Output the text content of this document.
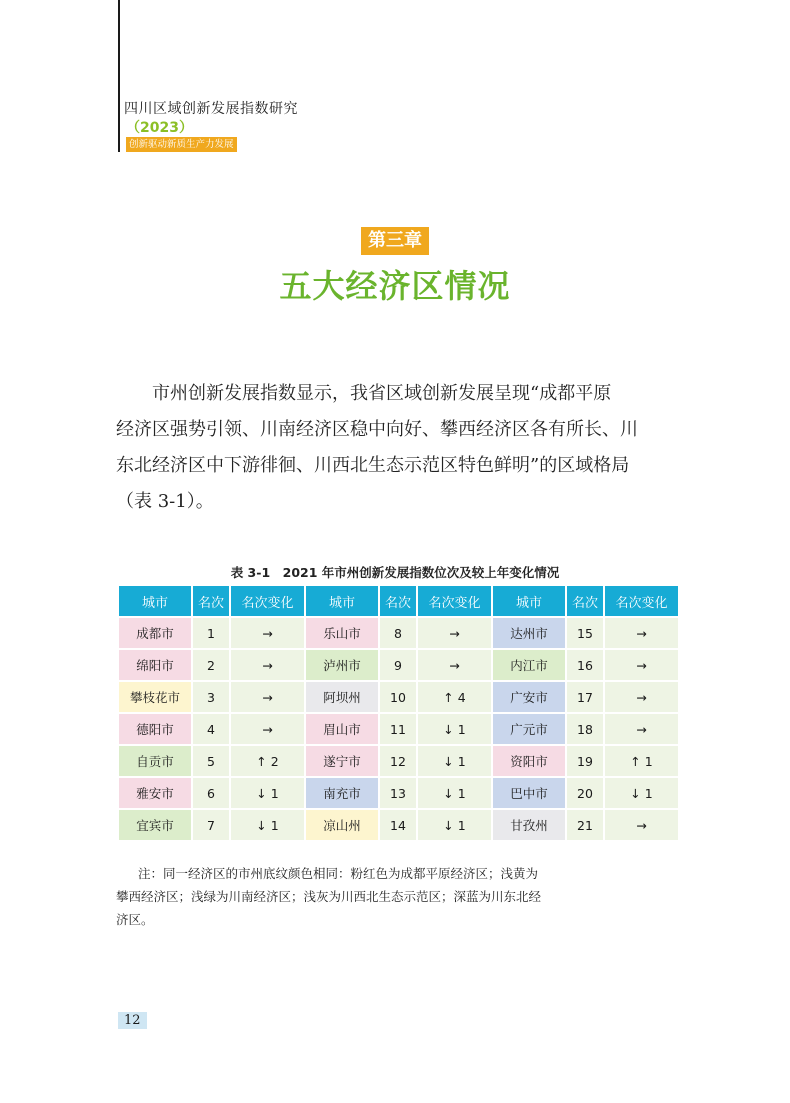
四川区域创新发展指数研究
（2023）
创新驱动新质生产力发展
第三章
五大经济区情况

市州创新发展指数显示，我省区域创新发展呈现“成都平原
经济区强势引领、川南经济区稳中向好、攀西经济区各有所长、川
东北经济区中下游徘徊、川西北生态示范区特色鲜明”的区域格局
（表 3-1）。

表 3-1　2021 年市州创新发展指数位次及较上年变化情况
城市	名次	名次变化	城市	名次	名次变化	城市	名次	名次变化
成都市	1	→	乐山市	8	→	达州市	15	→
绵阳市	2	→	泸州市	9	→	内江市	16	→
攀枝花市	3	→	阿坝州	10	↑ 4	广安市	17	→
德阳市	4	→	眉山市	11	↓ 1	广元市	18	→
自贡市	5	↑ 2	遂宁市	12	↓ 1	资阳市	19	↑ 1
雅安市	6	↓ 1	南充市	13	↓ 1	巴中市	20	↓ 1
宜宾市	7	↓ 1	凉山州	14	↓ 1	甘孜州	21	→

注：同一经济区的市州底纹颜色相同：粉红色为成都平原经济区；浅黄为
攀西经济区；浅绿为川南经济区；浅灰为川西北生态示范区；深蓝为川东北经
济区。

12
